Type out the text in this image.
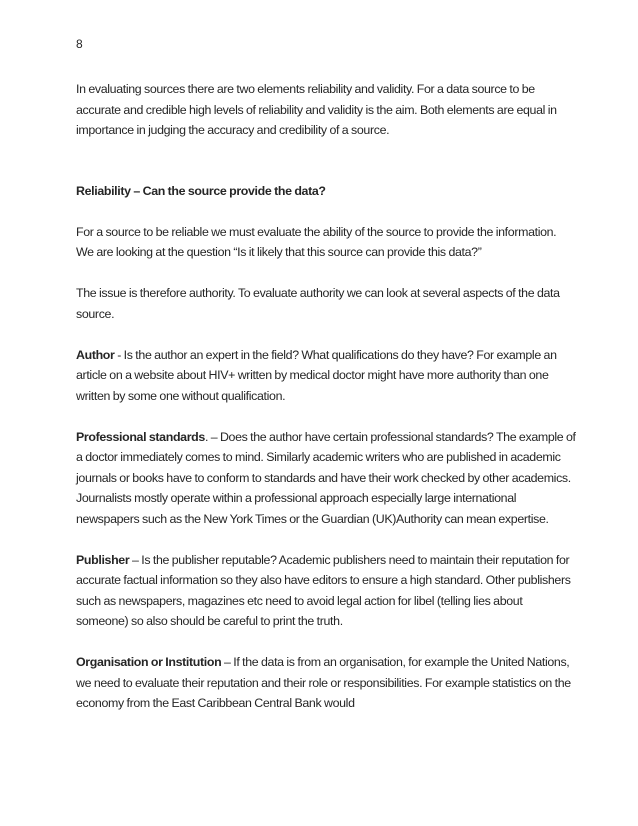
8

In evaluating sources there are two elements reliability and validity. For a data source to be accurate and credible high levels of reliability and validity is the aim. Both elements are equal in importance in judging the accuracy and credibility of a source.

Reliability – Can the source provide the data?

For a source to be reliable we must evaluate the ability of the source to provide the information. We are looking at the question “Is it likely that this source can provide this data?”

The issue is therefore authority. To evaluate authority we can look at several aspects of the data source.

Author - Is the author an expert in the field? What qualifications do they have? For example an article on a website about HIV+ written by medical doctor might have more authority than one written by some one without qualification.

Professional standards. – Does the author have certain professional standards? The example of a doctor immediately comes to mind. Similarly academic writers who are published in academic journals or books have to conform to standards and have their work checked by other academics. Journalists mostly operate within a professional approach especially large international newspapers such as the New York Times or the Guardian (UK)Authority can mean expertise.

Publisher – Is the publisher reputable? Academic publishers need to maintain their reputation for accurate factual information so they also have editors to ensure a high standard. Other publishers such as newspapers, magazines etc need to avoid legal action for libel (telling lies about someone) so also should be careful to print the truth.

Organisation or Institution – If the data is from an organisation, for example the United Nations, we need to evaluate their reputation and their role or responsibilities. For example statistics on the economy from the East Caribbean Central Bank would
